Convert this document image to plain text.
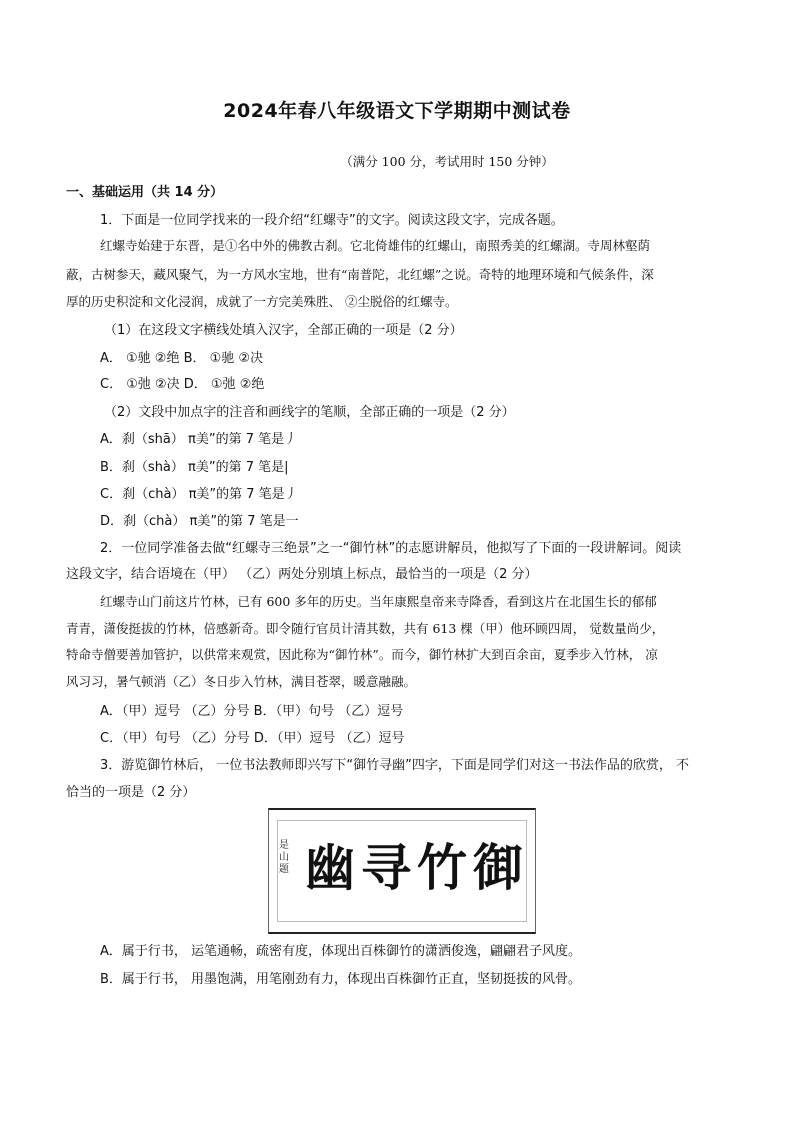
2024年春八年级语文下学期期中测试卷
（满分 100 分，考试用时 150 分钟）
一、基础运用（共 14 分）
1．下面是一位同学找来的一段介绍“红螺寺”的文字。阅读这段文字，完成各题。
红螺寺始建于东晋，是①名中外的佛教古刹。它北倚雄伟的红螺山，南照秀美的红螺湖。寺周林壑荫
蔽，古树参天，藏风聚气，为一方风水宝地，世有“南普陀，北红螺”之说。奇特的地理环境和气候条件，深
厚的历史积淀和文化浸润，成就了一方完美殊胜、 ②尘脱俗的红螺寺。
（1）在这段文字横线处填入汉字，全部正确的一项是（2 分）
A． ①驰 ②绝 B． ①驰 ②决
C． ①弛 ②决 D． ①弛 ②绝
（2）文段中加点字的注音和画线字的笔顺，全部正确的一项是（2 分）
A．刹（shā） π美”的第 7 笔是丿
B．刹（shà） π美”的第 7 笔是|
C．刹（chà） π美”的第 7 笔是丿
D．刹（chà） π美”的第 7 笔是一
2．一位同学准备去做“红螺寺三绝景”之一“御竹林”的志愿讲解员，他拟写了下面的一段讲解词。阅读
这段文字，结合语境在（甲） （乙）两处分别填上标点，最恰当的一项是（2 分）
红螺寺山门前这片竹林，已有 600 多年的历史。当年康熙皇帝来寺降香，看到这片在北国生长的郁郁
青青，潇俊挺拔的竹林，倍感新奇。即令随行官员计清其数，共有 613 棵（甲）他环顾四周， 觉数量尚少，
特命寺僧要善加管护，以供常来观赏，因此称为“御竹林”。而今，御竹林扩大到百余亩，夏季步入竹林， 凉
风习习，暑气顿消（乙）冬日步入竹林，满目苍翠，暖意融融。
A．（甲）逗号 （乙）分号 B．（甲）句号 （乙）逗号
C．（甲）句号 （乙）分号 D．（甲）逗号 （乙）逗号
3．游览御竹林后， 一位书法教师即兴写下“御竹寻幽”四字，下面是同学们对这一书法作品的欣赏， 不
恰当的一项是（2 分）
是山题 幽 寻 竹 御
A．属于行书， 运笔通畅，疏密有度，体现出百株御竹的潇洒俊逸，翩翩君子风度。
B．属于行书， 用墨饱满，用笔刚劲有力，体现出百株御竹正直，坚韧挺拔的风骨。
